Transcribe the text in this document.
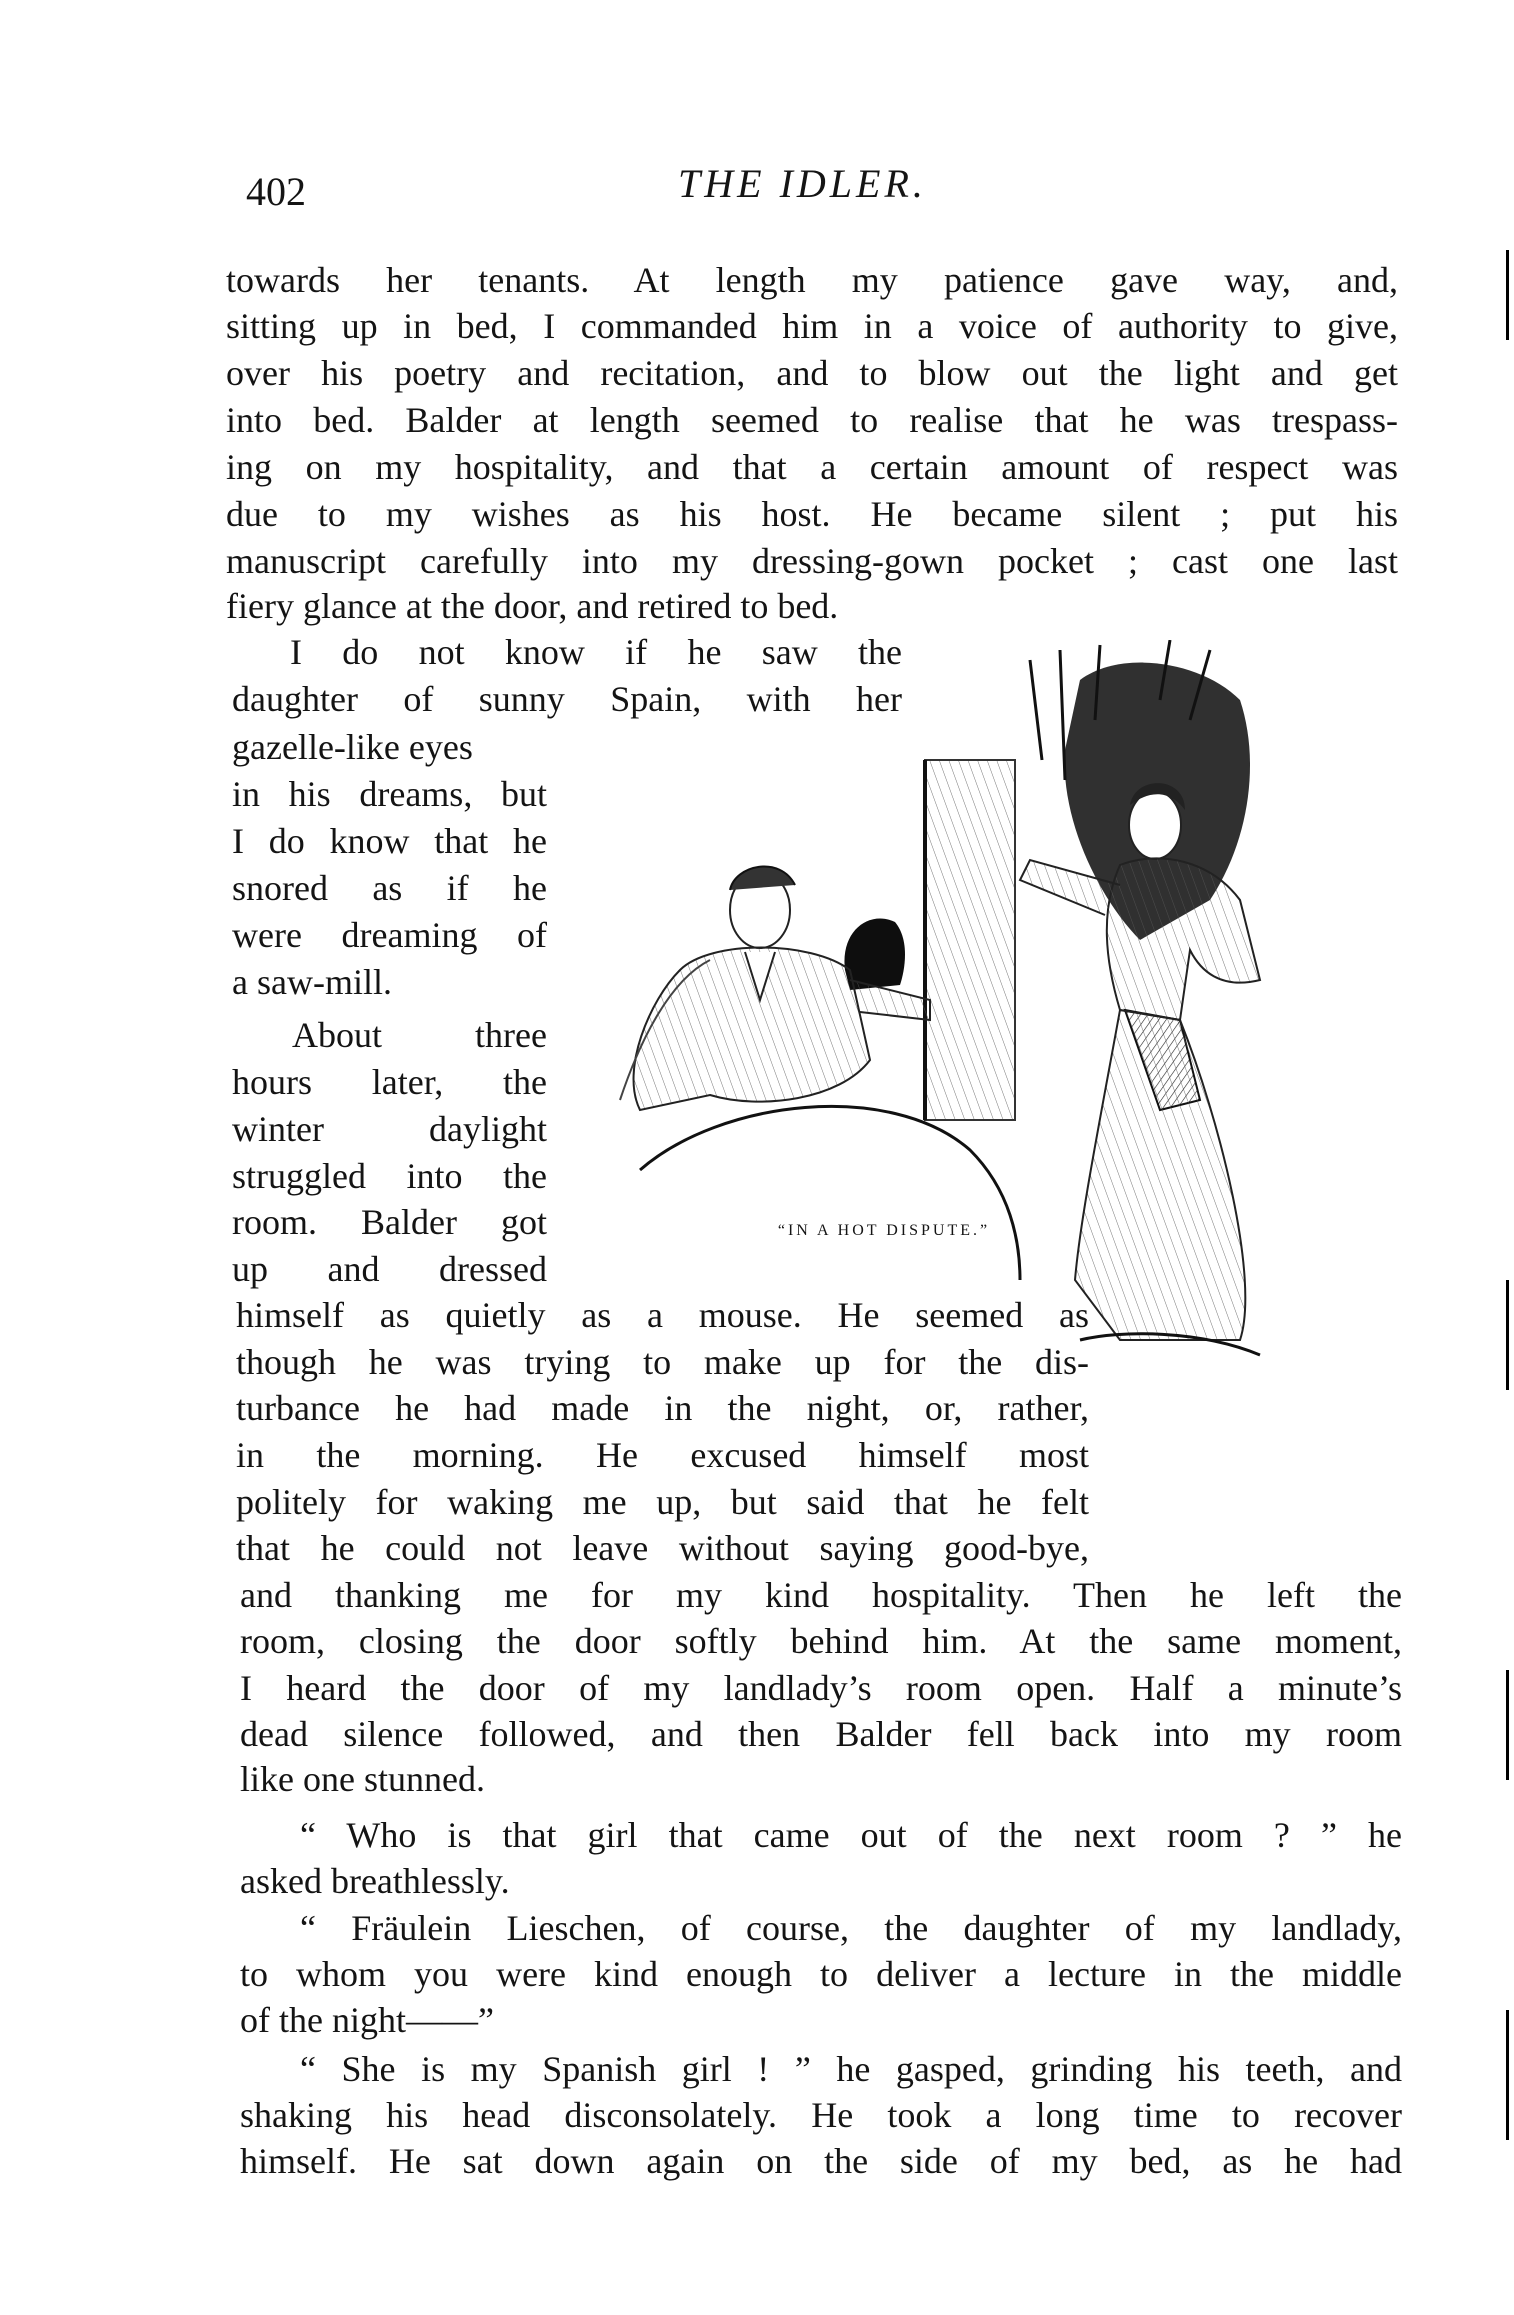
402	THE IDLER.
towards her tenants. At length my patience gave way, and,
sitting up in bed, I commanded him in a voice of authority to give,
over his poetry and recitation, and to blow out the light and get
into bed. Balder at length seemed to realise that he was trespass-
ing on my hospitality, and that a certain amount of respect was
due to my wishes as his host. He became silent ; put his
manuscript carefully into my dressing-gown pocket ; cast one last
fiery glance at the door, and retired to bed.
I do not know if he saw the
daughter of sunny Spain, with her
gazelle-like eyes
in his dreams, but
I do know that he
snored as if he
were dreaming of
a saw-mill.
About three
hours later, the
winter daylight
struggled into the
room. Balder got
up and dressed
himself as quietly as a mouse. He seemed as
though he was trying to make up for the dis-
turbance he had made in the night, or, rather,
in the morning. He excused himself most
politely for waking me up, but said that he felt
that he could not leave without saying good-bye,
and thanking me for my kind hospitality. Then he left the
room, closing the door softly behind him. At the same moment,
I heard the door of my landlady’s room open. Half a minute’s
dead silence followed, and then Balder fell back into my room
like one stunned.
“ Who is that girl that came out of the next room ? ” he
asked breathlessly.
“ Fräulein Lieschen, of course, the daughter of my landlady,
to whom you were kind enough to deliver a lecture in the middle
of the night——”
“ She is my Spanish girl ! ” he gasped, grinding his teeth, and
shaking his head disconsolately. He took a long time to recover
himself. He sat down again on the side of my bed, as he had
“IN A HOT DISPUTE.”
